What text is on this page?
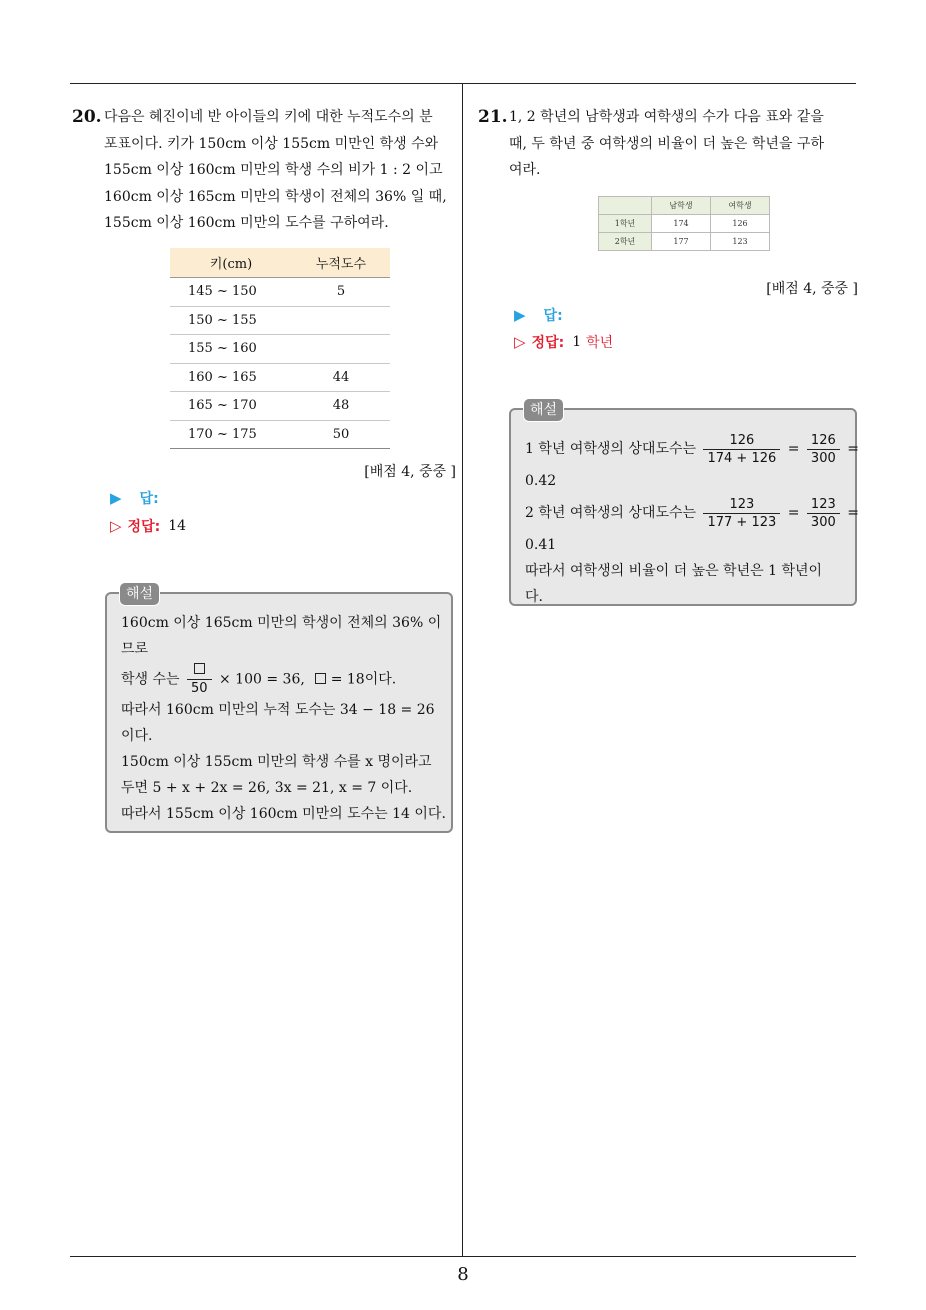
20. 다음은 혜진이네 반 아이들의 키에 대한 누적도수의 분
포표이다. 키가 150cm 이상 155cm 미만인 학생 수와
155cm 이상 160cm 미만의 학생 수의 비가 1 : 2 이고
160cm 이상 165cm 미만의 학생이 전체의 36% 일 때,
155cm 이상 160cm 미만의 도수를 구하여라.
키(cm)	누적도수
145 ~ 150	5
150 ~ 155	
155 ~ 160	
160 ~ 165	44
165 ~ 170	48
170 ~ 175	50
[배점 4, 중중 ]
▶ 답:
▷ 정답: 14
해설
160cm 이상 165cm 미만의 학생이 전체의 36% 이
므로
학생 수는
50
× 100 = 36, = 18이다.
따라서 160cm 미만의 누적 도수는 34 − 18 = 26
이다.
150cm 이상 155cm 미만의 학생 수를 x 명이라고
두면 5 + x + 2x = 26, 3x = 21, x = 7 이다.
따라서 155cm 이상 160cm 미만의 도수는 14 이다.
21. 1, 2 학년의 남학생과 여학생의 수가 다음 표와 같을
때, 두 학년 중 여학생의 비율이 더 높은 학년을 구하
여라.
	남학생	여학생
1학년	174	126
2학년	177	123
[배점 4, 중중 ]
▶ 답:
▷ 정답: 1 학년
해설
1 학년 여학생의 상대도수는 $\frac{126}{174 + 126} = \frac{126}{300}$ =
0.42
2 학년 여학생의 상대도수는 $\frac{123}{177 + 123} = \frac{123}{300}$ =
0.41
따라서 여학생의 비율이 더 높은 학년은 1 학년이
다.
8
